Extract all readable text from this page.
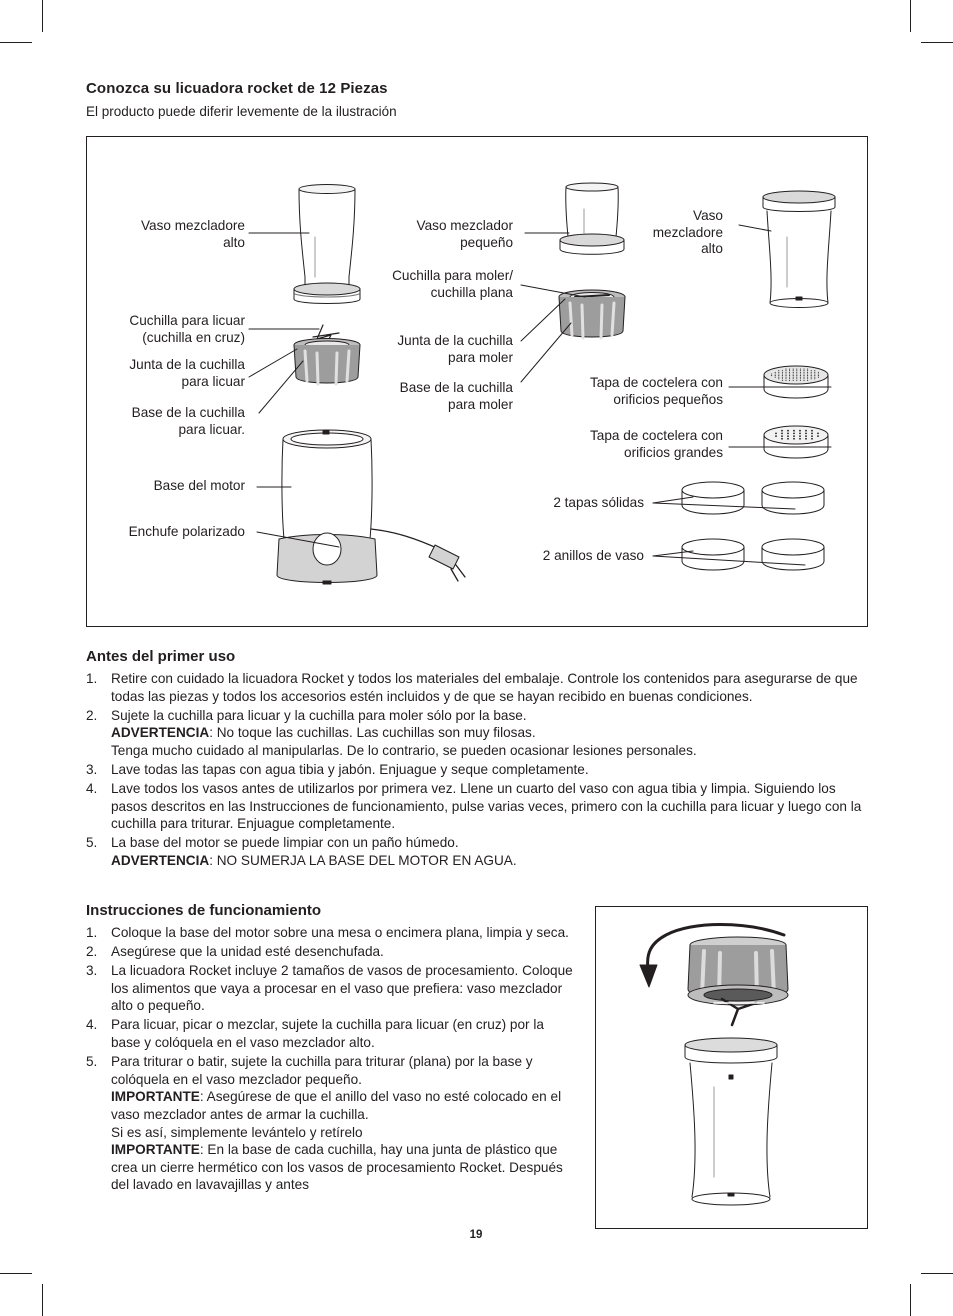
Conozca su licuadora rocket de 12 Piezas
El producto puede diferir levemente de la ilustración
Vaso mezcladore
alto
Cuchilla para licuar
(cuchilla en cruz)
Junta de la cuchilla
para licuar
Base de la cuchilla
para licuar.
Base del motor
Enchufe polarizado
Vaso mezclador
pequeño
Cuchilla para moler/
cuchilla plana
Junta de la cuchilla
para moler
Base de la cuchilla
para moler
Vaso
mezcladore
alto
Tapa de coctelera con
orificios pequeños
Tapa de coctelera con
orificios grandes
2 tapas sólidas
2 anillos de vaso
Antes del primer uso
1. Retire con cuidado la licuadora Rocket y todos los materiales del embalaje. Controle los contenidos para asegurarse de que todas las piezas y todos los accesorios estén incluidos y de que se hayan recibido en buenas condiciones.
2. Sujete la cuchilla para licuar y la cuchilla para moler sólo por la base.
ADVERTENCIA: No toque las cuchillas. Las cuchillas son muy filosas.
Tenga mucho cuidado al manipularlas. De lo contrario, se pueden ocasionar lesiones personales.
3. Lave todas las tapas con agua tibia y jabón. Enjuague y seque completamente.
4. Lave todos los vasos antes de utilizarlos por primera vez. Llene un cuarto del vaso con agua tibia y limpia. Siguiendo los pasos descritos en las Instrucciones de funcionamiento, pulse varias veces, primero con la cuchilla para licuar y luego con la cuchilla para triturar. Enjuague completamente.
5. La base del motor se puede limpiar con un paño húmedo.
ADVERTENCIA: NO SUMERJA LA BASE DEL MOTOR EN AGUA.
Instrucciones de funcionamiento
1. Coloque la base del motor sobre una mesa o encimera plana, limpia y seca.
2. Asegúrese que la unidad esté desenchufada.
3. La licuadora Rocket incluye 2 tamaños de vasos de procesamiento. Coloque los alimentos que vaya a procesar en el vaso que prefiera: vaso mezclador alto o pequeño.
4. Para licuar, picar o mezclar, sujete la cuchilla para licuar (en cruz) por la base y colóquela en el vaso mezclador alto.
5. Para triturar o batir, sujete la cuchilla para triturar (plana) por la base y colóquela en el vaso mezclador pequeño.
IMPORTANTE: Asegúrese de que el anillo del vaso no esté colocado en el vaso mezclador antes de armar la cuchilla.
Si es así, simplemente levántelo y retírelo
IMPORTANTE: En la base de cada cuchilla, hay una junta de plástico que crea un cierre hermético con los vasos de procesamiento Rocket. Después del lavado en lavavajillas y antes
19
